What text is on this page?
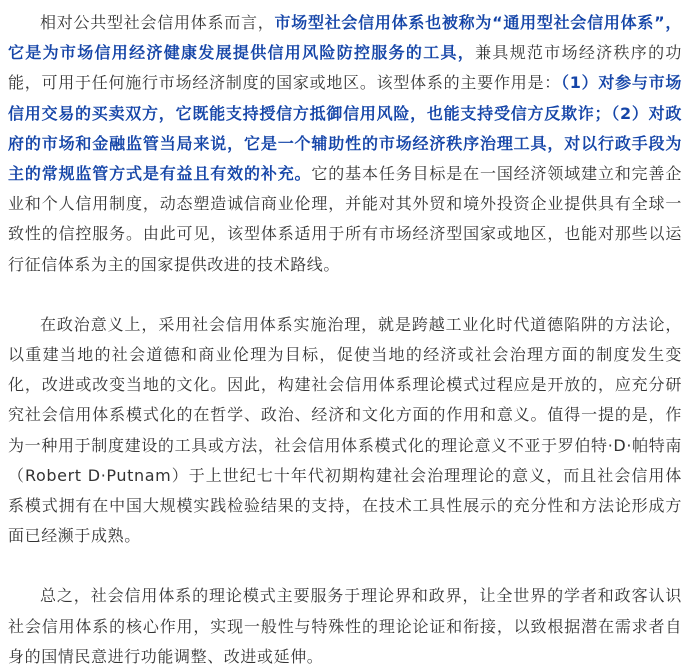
相对公共型社会信用体系而言，市场型社会信用体系也被称为“通用型社会信用体系”，它是为市场信用经济健康发展提供信用风险防控服务的工具，兼具规范市场经济秩序的功能，可用于任何施行市场经济制度的国家或地区。该型体系的主要作用是：（1）对参与市场信用交易的买卖双方，它既能支持授信方抵御信用风险，也能支持受信方反欺诈；（2）对政府的市场和金融监管当局来说，它是一个辅助性的市场经济秩序治理工具，对以行政手段为主的常规监管方式是有益且有效的补充。它的基本任务目标是在一国经济领域建立和完善企业和个人信用制度，动态塑造诚信商业伦理，并能对其外贸和境外投资企业提供具有全球一致性的信控服务。由此可见，该型体系适用于所有市场经济型国家或地区，也能对那些以运行征信体系为主的国家提供改进的技术路线。

在政治意义上，采用社会信用体系实施治理，就是跨越工业化时代道德陷阱的方法论，以重建当地的社会道德和商业伦理为目标，促使当地的经济或社会治理方面的制度发生变化，改进或改变当地的文化。因此，构建社会信用体系理论模式过程应是开放的，应充分研究社会信用体系模式化的在哲学、政治、经济和文化方面的作用和意义。值得一提的是，作为一种用于制度建设的工具或方法，社会信用体系模式化的理论意义不亚于罗伯特·D·帕特南（Robert D·Putnam）于上世纪七十年代初期构建社会治理理论的意义，而且社会信用体系模式拥有在中国大规模实践检验结果的支持，在技术工具性展示的充分性和方法论形成方面已经濒于成熟。

总之，社会信用体系的理论模式主要服务于理论界和政界，让全世界的学者和政客认识社会信用体系的核心作用，实现一般性与特殊性的理论论证和衔接，以致根据潜在需求者自身的国情民意进行功能调整、改进或延伸。
